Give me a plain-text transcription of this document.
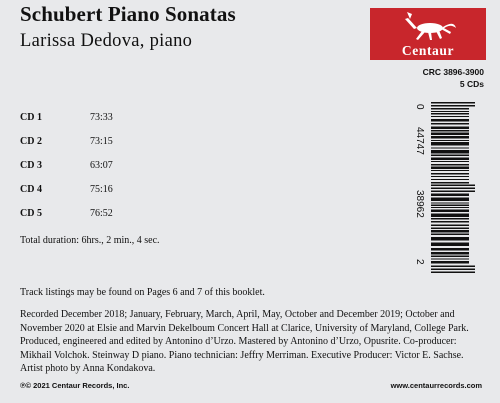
Schubert Piano Sonatas
Larissa Dedova, piano	Centaur
CRC 3896-3900
5 CDs
CD 1	73:33
CD 2	73:15
CD 3	63:07
CD 4	75:16
CD 5	76:52
Total duration: 6hrs., 2 min., 4 sec.
0
44747
38962
2
Track listings may be found on Pages 6 and 7 of this booklet.
Recorded December 2018; January, February, March, April, May, October and December 2019; October and November 2020 at Elsie and Marvin Dekelboum Concert Hall at Clarice, University of Maryland, College Park. Produced, engineered and edited by Antonino d’Urzo. Mastered by Antonino d’Urzo, Opusrite. Co-producer: Mikhail Volchok. Steinway D piano. Piano technician: Jeffry Merriman. Executive Producer: Victor E. Sachse. Artist photo by Anna Kondakova.
℗© 2021 Centaur Records, Inc.	www.centaurrecords.com
